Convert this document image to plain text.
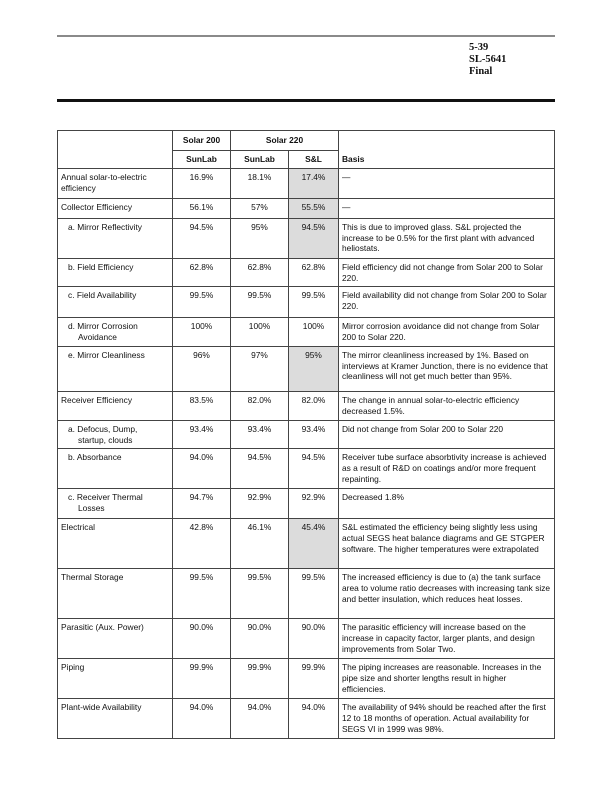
5-39
SL-5641
Final
	Solar 200	Solar 220		Basis
	SunLab	SunLab	S&L	
Annual solar-to-electric efficiency	16.9%	18.1%	17.4%	—
Collector Efficiency	56.1%	57%	55.5%	—
a. Mirror Reflectivity	94.5%	95%	94.5%	This is due to improved glass. S&L projected the increase to be 0.5% for the first plant with advanced heliostats.
b. Field Efficiency	62.8%	62.8%	62.8%	Field efficiency did not change from Solar 200 to Solar 220.
c. Field Availability	99.5%	99.5%	99.5%	Field availability did not change from Solar 200 to Solar 220.
d. Mirror Corrosion
Avoidance	100%	100%	100%	Mirror corrosion avoidance did not change from Solar 200 to Solar 220.
e. Mirror Cleanliness	96%	97%	95%	The mirror cleanliness increased by 1%. Based on interviews at Kramer Junction, there is no evidence that cleanliness will not get much better than 95%.
Receiver Efficiency	83.5%	82.0%	82.0%	The change in annual solar-to-electric efficiency decreased 1.5%.
a. Defocus, Dump,
startup, clouds	93.4%	93.4%	93.4%	Did not change from Solar 200 to Solar 220
b. Absorbance	94.0%	94.5%	94.5%	Receiver tube surface absorbtivity increase is achieved as a result of R&D on coatings and/or more frequent repainting.
c. Receiver Thermal
Losses	94.7%	92.9%	92.9%	Decreased 1.8%
Electrical	42.8%	46.1%	45.4%	S&L estimated the efficiency being slightly less using actual SEGS heat balance diagrams and GE STGPER software. The higher temperatures were extrapolated
Thermal Storage	99.5%	99.5%	99.5%	The increased efficiency is due to (a) the tank surface area to volume ratio decreases with increasing tank size and better insulation, which reduces heat losses.
Parasitic (Aux. Power)	90.0%	90.0%	90.0%	The parasitic efficiency will increase based on the increase in capacity factor, larger plants, and design improvements from Solar Two.
Piping	99.9%	99.9%	99.9%	The piping increases are reasonable. Increases in the pipe size and shorter lengths result in higher efficiencies.
Plant-wide Availability	94.0%	94.0%	94.0%	The availability of 94% should be reached after the first 12 to 18 months of operation. Actual availability for SEGS VI in 1999 was 98%.
